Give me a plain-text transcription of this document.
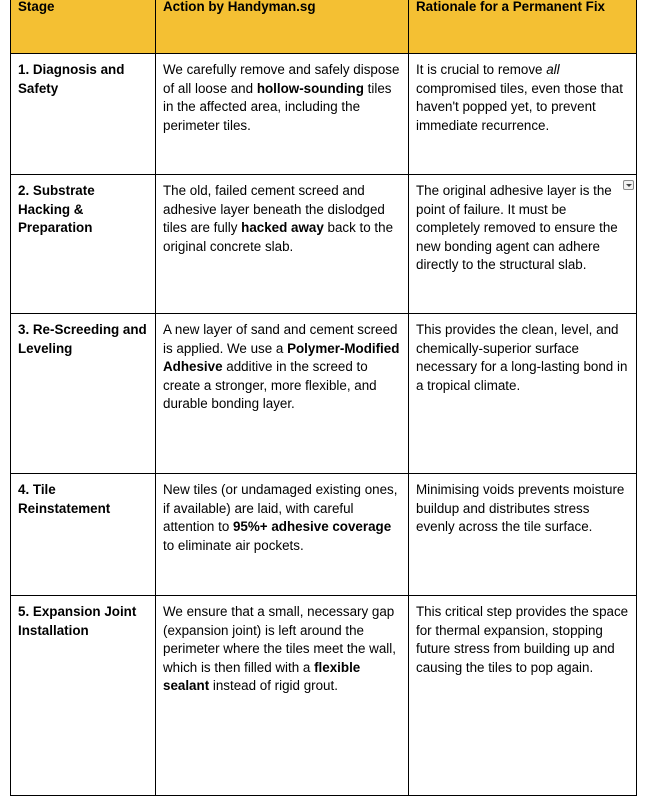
Stage	Action by Handyman.sg	Rationale for a Permanent Fix
1. Diagnosis and Safety	We carefully remove and safely dispose of all loose and hollow-sounding tiles in the affected area, including the perimeter tiles.	It is crucial to remove all compromised tiles, even those that haven't popped yet, to prevent immediate recurrence.
2. Substrate Hacking & Preparation	The old, failed cement screed and adhesive layer beneath the dislodged tiles are fully hacked away back to the original concrete slab.	The original adhesive layer is the point of failure. It must be completely removed to ensure the new bonding agent can adhere directly to the structural slab.

3. Re-Screeding and Leveling	A new layer of sand and cement screed is applied. We use a Polymer-Modified Adhesive additive in the screed to create a stronger, more flexible, and durable bonding layer.	This provides the clean, level, and chemically-superior surface necessary for a long-lasting bond in a tropical climate.
4. Tile Reinstatement	New tiles (or undamaged existing ones, if available) are laid, with careful attention to 95%+ adhesive coverage to eliminate air pockets.	Minimising voids prevents moisture buildup and distributes stress evenly across the tile surface.
5. Expansion Joint Installation	We ensure that a small, necessary gap (expansion joint) is left around the perimeter where the tiles meet the wall, which is then filled with a flexible sealant instead of rigid grout.	This critical step provides the space for thermal expansion, stopping future stress from building up and causing the tiles to pop again.
